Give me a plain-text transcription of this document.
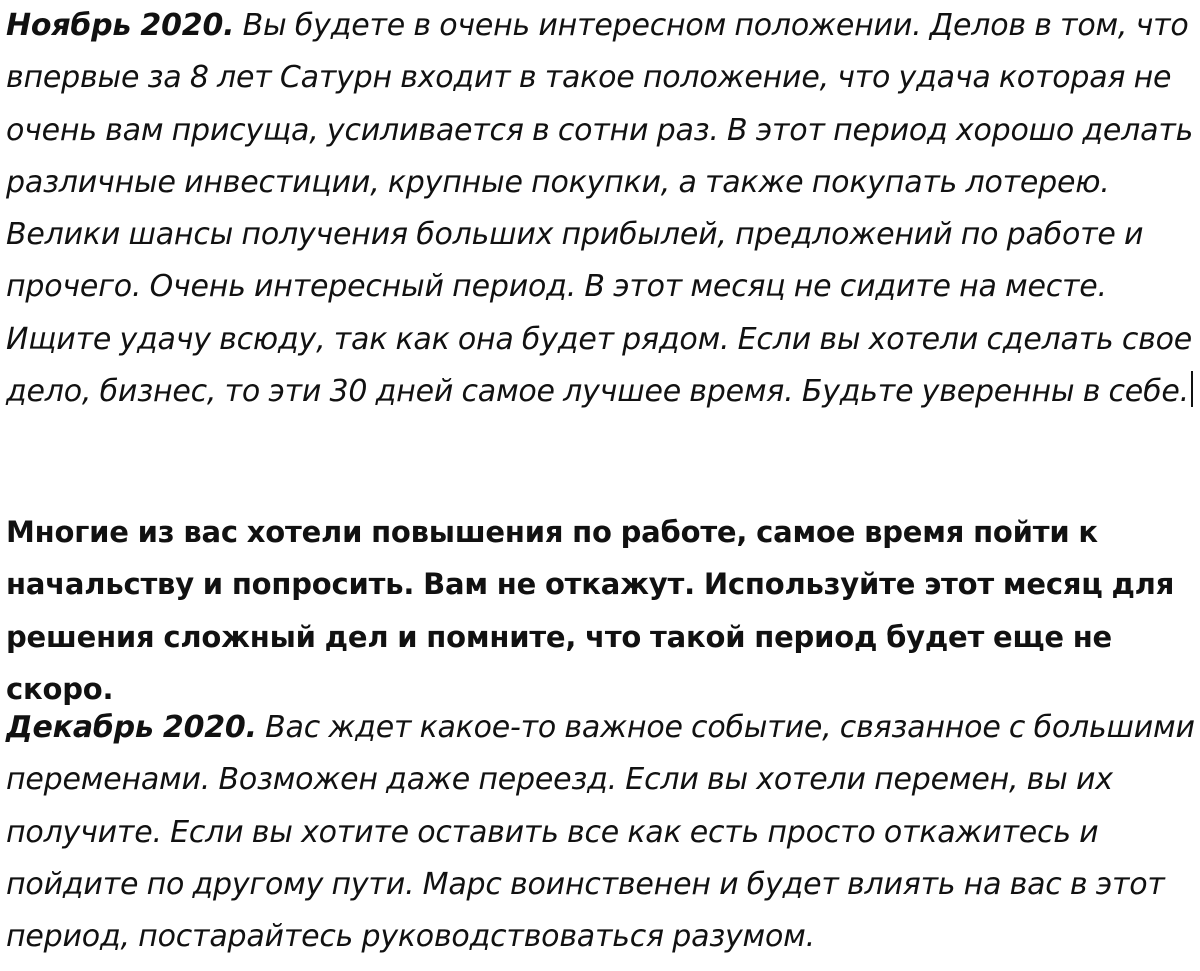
Ноябрь 2020. Вы будете в очень интересном положении. Делов в том, что впервые за 8 лет Сатурн входит в такое положение, что удача которая не очень вам присуща, усиливается в сотни раз. В этот период хорошо делать различные инвестиции, крупные покупки, а также покупать лотерею. Велики шансы получения больших прибылей, предложений по работе и прочего. Очень интересный период. В этот месяц не сидите на месте. Ищите удачу всюду, так как она будет рядом. Если вы хотели сделать свое дело, бизнес, то эти 30 дней самое лучшее время. Будьте уверенны в себе.

Многие из вас хотели повышения по работе, самое время пойти к начальству и попросить. Вам не откажут. Используйте этот месяц для решения сложный дел и помните, что такой период будет еще не скоро.

Декабрь 2020. Вас ждет какое-то важное событие, связанное с большими переменами. Возможен даже переезд. Если вы хотели перемен, вы их получите. Если вы хотите оставить все как есть просто откажитесь и пойдите по другому пути. Марс воинственен и будет влиять на вас в этот период, постарайтесь руководствоваться разумом.
